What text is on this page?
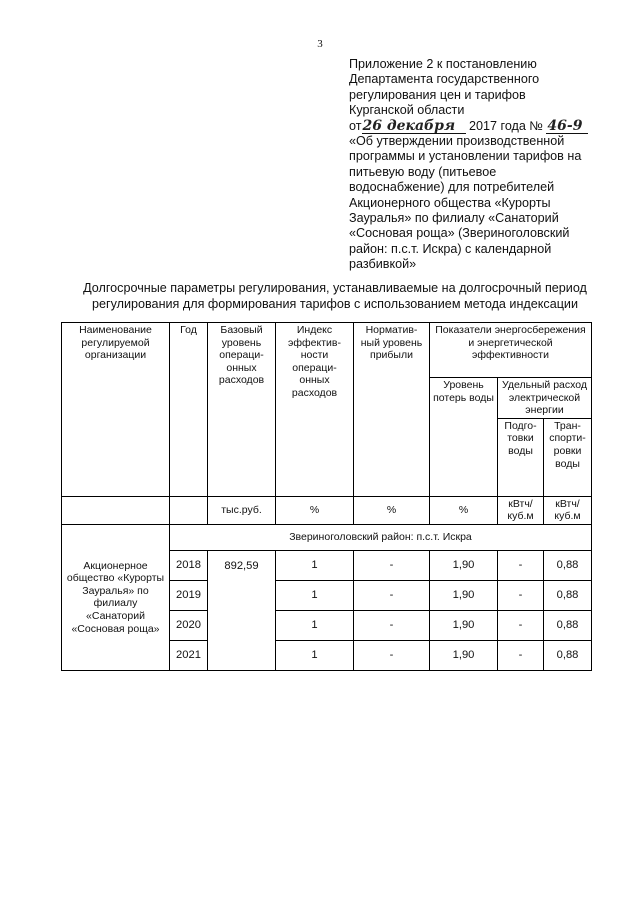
3
Приложение 2 к постановлению
Департамента государственного
регулирования цен и тарифов
Курганской области
от26 декабря 2017 года № 46-9
«Об утверждении производственной
программы и установлении тарифов на
питьевую воду (питьевое
водоснабжение) для потребителей
Акционерного общества «Курорты
Зауралья» по филиалу «Санаторий
«Сосновая роща» (Звериноголовский
район: п.с.т. Искра) с календарной
разбивкой»
Долгосрочные параметры регулирования, устанавливаемые на долгосрочный период
регулирования для формирования тарифов с использованием метода индексации
Наименование регулируемой организации	Год	Базовый уровень операци-онных расходов	Индекс эффектив-ности операци-онных расходов	Норматив-ный уровень прибыли	Показатели энергосбережения и энергетической эффективности		
					Уровень потерь воды	Удельный расход электрической энергии	
						Подго-товки воды	Тран-спорти-ровки воды
		тыс.руб.	%	%	%	кВтч/ куб.м	кВтч/ куб.м
Акционерное общество «Курорты Зауралья» по филиалу «Санаторий «Сосновая роща»	Звериноголовский район: п.с.т. Искра						
	2018	892,59	1	-	1,90	-	0,88
	2019		1	-	1,90	-	0,88
	2020		1	-	1,90	-	0,88
	2021		1	-	1,90	-	0,88
